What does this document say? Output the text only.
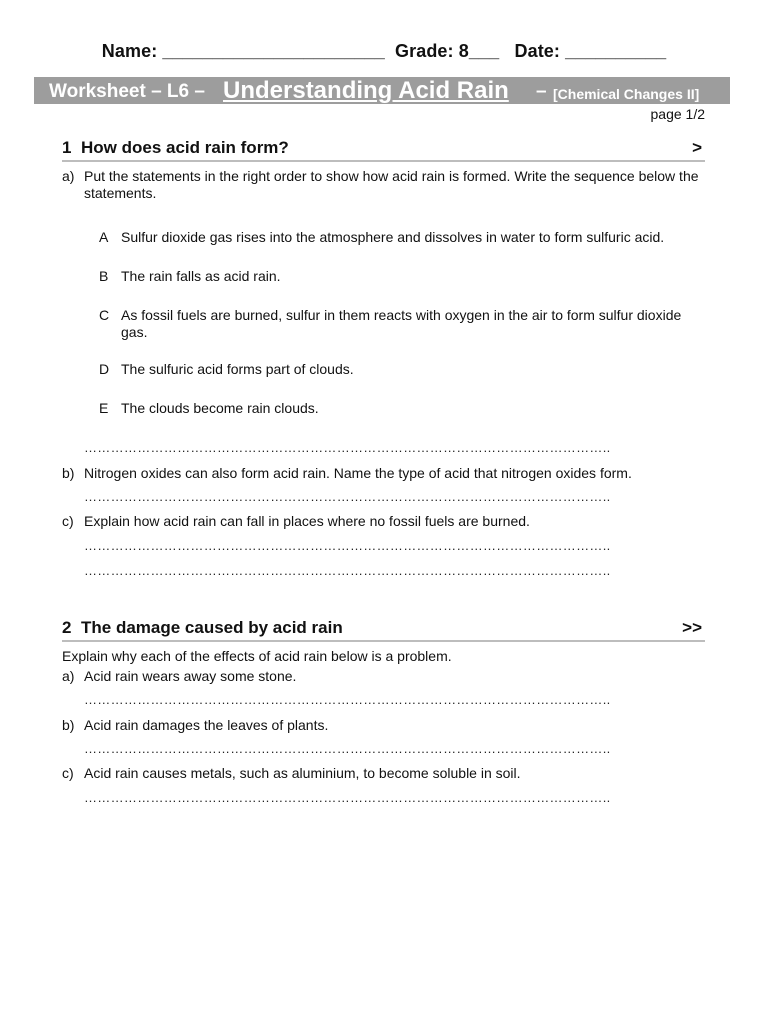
Name: ______________________  Grade: 8___   Date: __________
Worksheet – L6 – Understanding Acid Rain – [Chemical Changes II]
page 1/2
1 How does acid rain form?	>
a) Put the statements in the right order to show how acid rain is formed. Write the sequence below the statements.
A Sulfur dioxide gas rises into the atmosphere and dissolves in water to form sulfuric acid.
B The rain falls as acid rain.
C As fossil fuels are burned, sulfur in them reacts with oxygen in the air to form sulfur dioxide gas.
D The sulfuric acid forms part of clouds.
E The clouds become rain clouds.
………………………………………………………………………………………………………..
b) Nitrogen oxides can also form acid rain. Name the type of acid that nitrogen oxides form.
………………………………………………………………………………………………………..
c) Explain how acid rain can fall in places where no fossil fuels are burned.
………………………………………………………………………………………………………..
………………………………………………………………………………………………………..
2 The damage caused by acid rain	>>
Explain why each of the effects of acid rain below is a problem.
a) Acid rain wears away some stone.
………………………………………………………………………………………………………..
b) Acid rain damages the leaves of plants.
………………………………………………………………………………………………………..
c) Acid rain causes metals, such as aluminium, to become soluble in soil.
………………………………………………………………………………………………………..
